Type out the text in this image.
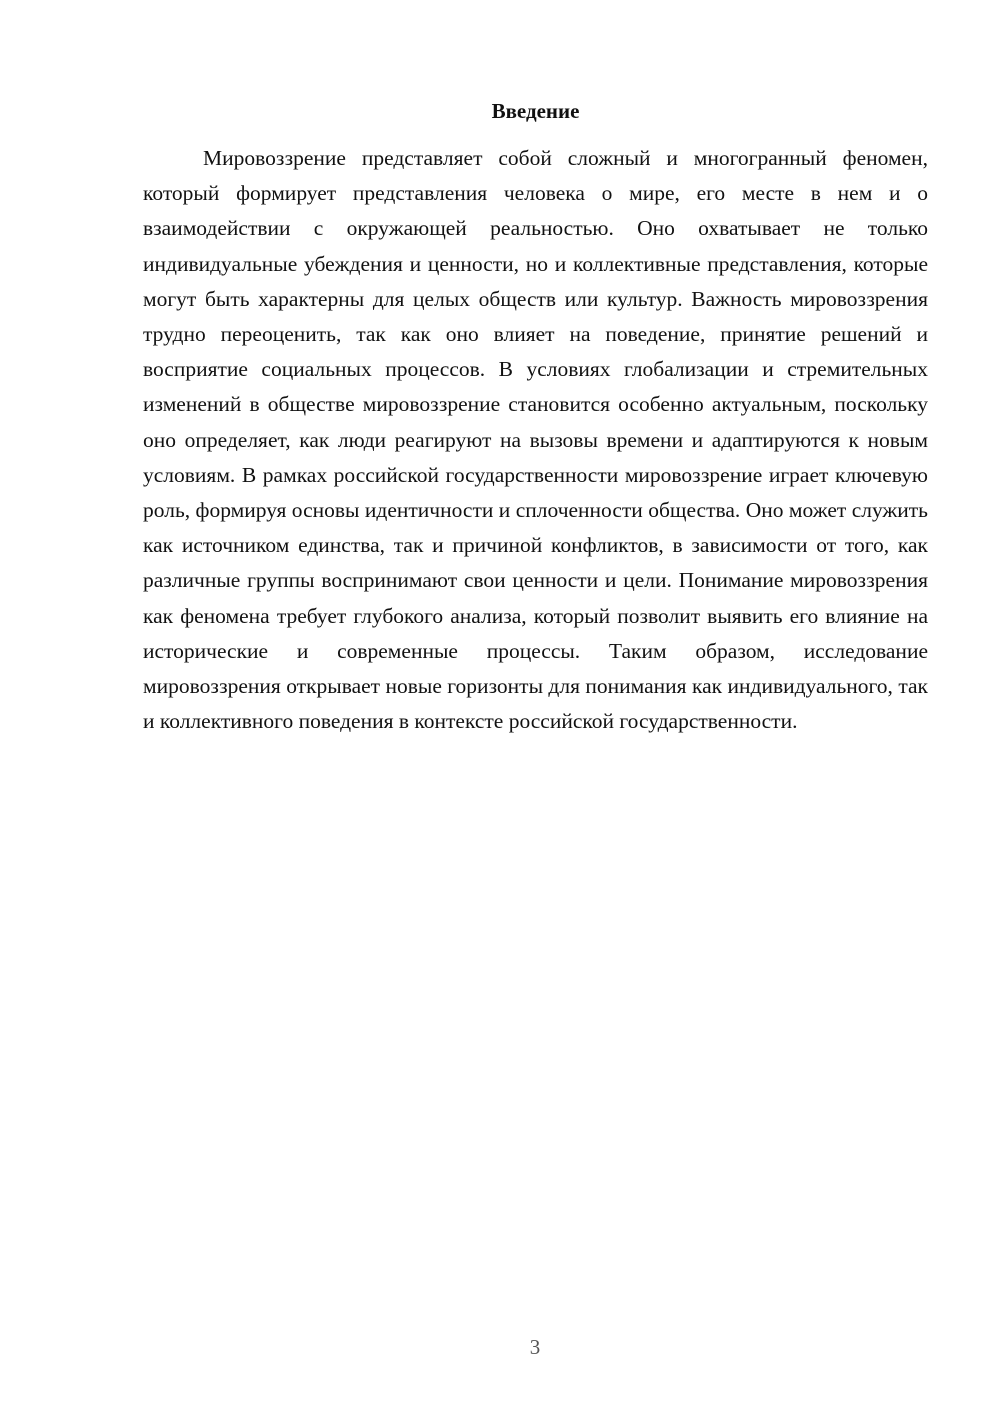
Введение

Мировоззрение представляет собой сложный и многогранный феномен, который формирует представления человека о мире, его месте в нем и о взаимодействии с окружающей реальностью. Оно охватывает не только индивидуальные убеждения и ценности, но и коллективные представления, которые могут быть характерны для целых обществ или культур. Важность мировоззрения трудно переоценить, так как оно влияет на поведение, принятие решений и восприятие социальных процессов. В условиях глобализации и стремительных изменений в обществе мировоззрение становится особенно актуальным, поскольку оно определяет, как люди реагируют на вызовы времени и адаптируются к новым условиям. В рамках российской государственности мировоззрение играет ключевую роль, формируя основы идентичности и сплоченности общества. Оно может служить как источником единства, так и причиной конфликтов, в зависимости от того, как различные группы воспринимают свои ценности и цели. Понимание мировоззрения как феномена требует глубокого анализа, который позволит выявить его влияние на исторические и современные процессы. Таким образом, исследование мировоззрения открывает новые горизонты для понимания как индивидуального, так и коллективного поведения в контексте российской государственности.

3
